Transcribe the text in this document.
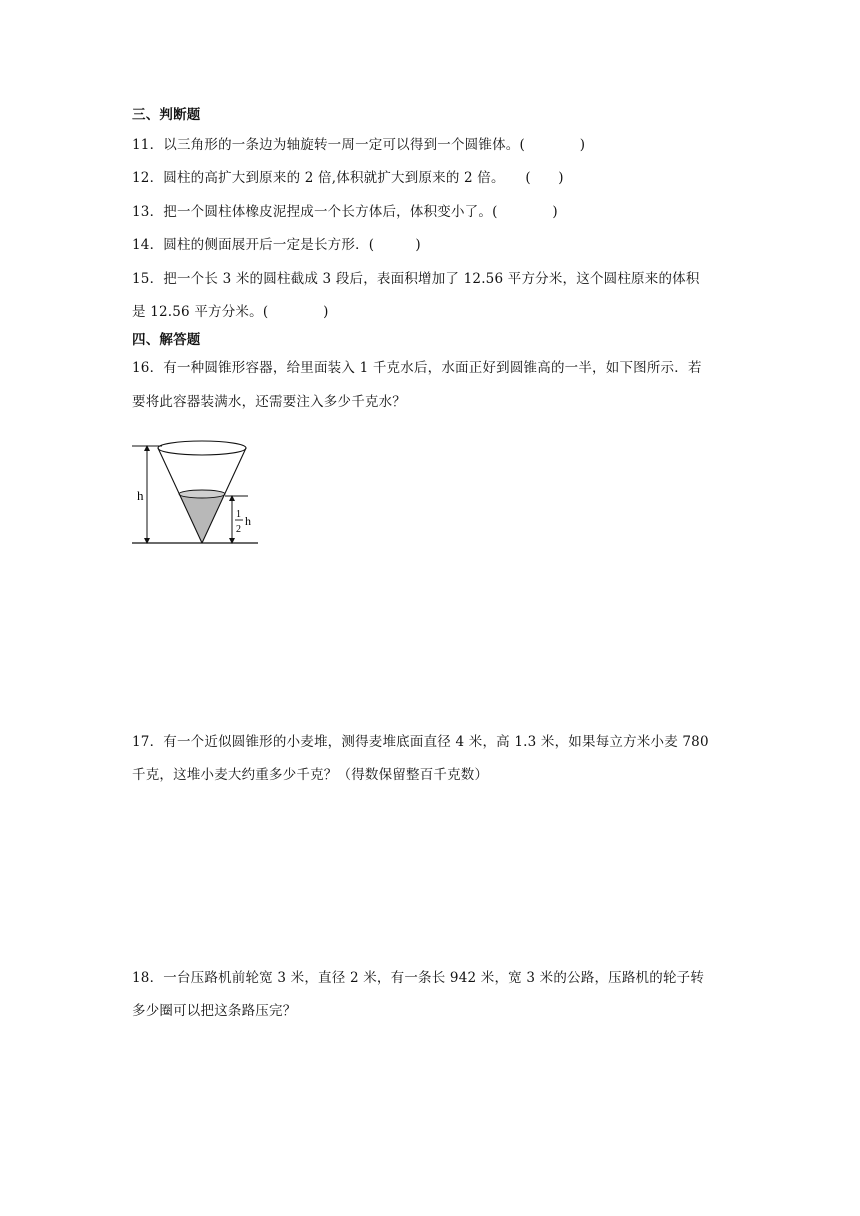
三、判断题
11．以三角形的一条边为轴旋转一周一定可以得到一个圆锥体。(　　　　)
12．圆柱的高扩大到原来的 2 倍,体积就扩大到原来的 2 倍。　　(　　)
13．把一个圆柱体橡皮泥捏成一个长方体后，体积变小了。(　　　　)
14．圆柱的侧面展开后一定是长方形．(　　　)
15．把一个长 3 米的圆柱截成 3 段后，表面积增加了 12.56 平方分米，这个圆柱原来的体积
是 12.56 平方分米。(　　　　)
四、解答题
16．有一种圆锥形容器，给里面装入 1 千克水后，水面正好到圆锥高的一半，如下图所示．若
要将此容器装满水，还需要注入多少千克水？
h
1
2
h
17．有一个近似圆锥形的小麦堆，测得麦堆底面直径 4 米，高 1.3 米，如果每立方米小麦 780
千克，这堆小麦大约重多少千克？（得数保留整百千克数）
18．一台压路机前轮宽 3 米，直径 2 米，有一条长 942 米，宽 3 米的公路，压路机的轮子转
多少圈可以把这条路压完？
